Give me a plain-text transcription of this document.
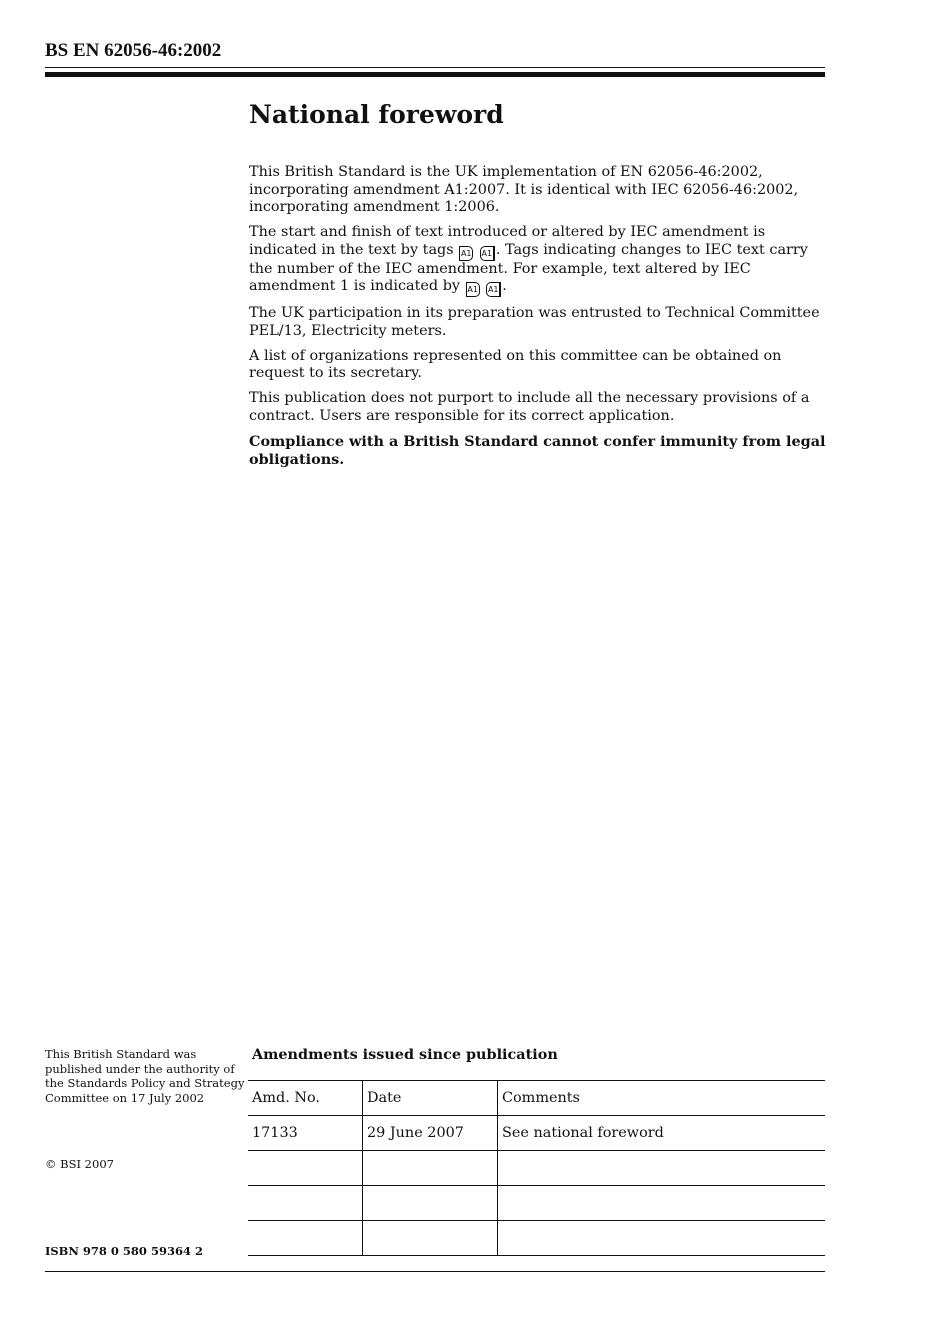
BS EN 62056-46:2002
National foreword

This British Standard is the UK implementation of EN 62056-46:2002, incorporating amendment A1:2007. It is identical with IEC 62056-46:2002, incorporating amendment 1:2006.

The start and finish of text introduced or altered by IEC amendment is indicated in the text by tags A1 A1 . Tags indicating changes to IEC text carry the number of the IEC amendment. For example, text altered by IEC amendment 1 is indicated by A1 A1 .

The UK participation in its preparation was entrusted to Technical Committee PEL/13, Electricity meters.

A list of organizations represented on this committee can be obtained on request to its secretary.

This publication does not purport to include all the necessary provisions of a contract. Users are responsible for its correct application.

Compliance with a British Standard cannot confer immunity from legal obligations.

This British Standard was published under the authority of the Standards Policy and Strategy Committee on 17 July 2002
© BSI 2007
ISBN 978 0 580 59364 2
Amendments issued since publication
Amd. No.	Date	Comments
17133	29 June 2007	See national foreword
